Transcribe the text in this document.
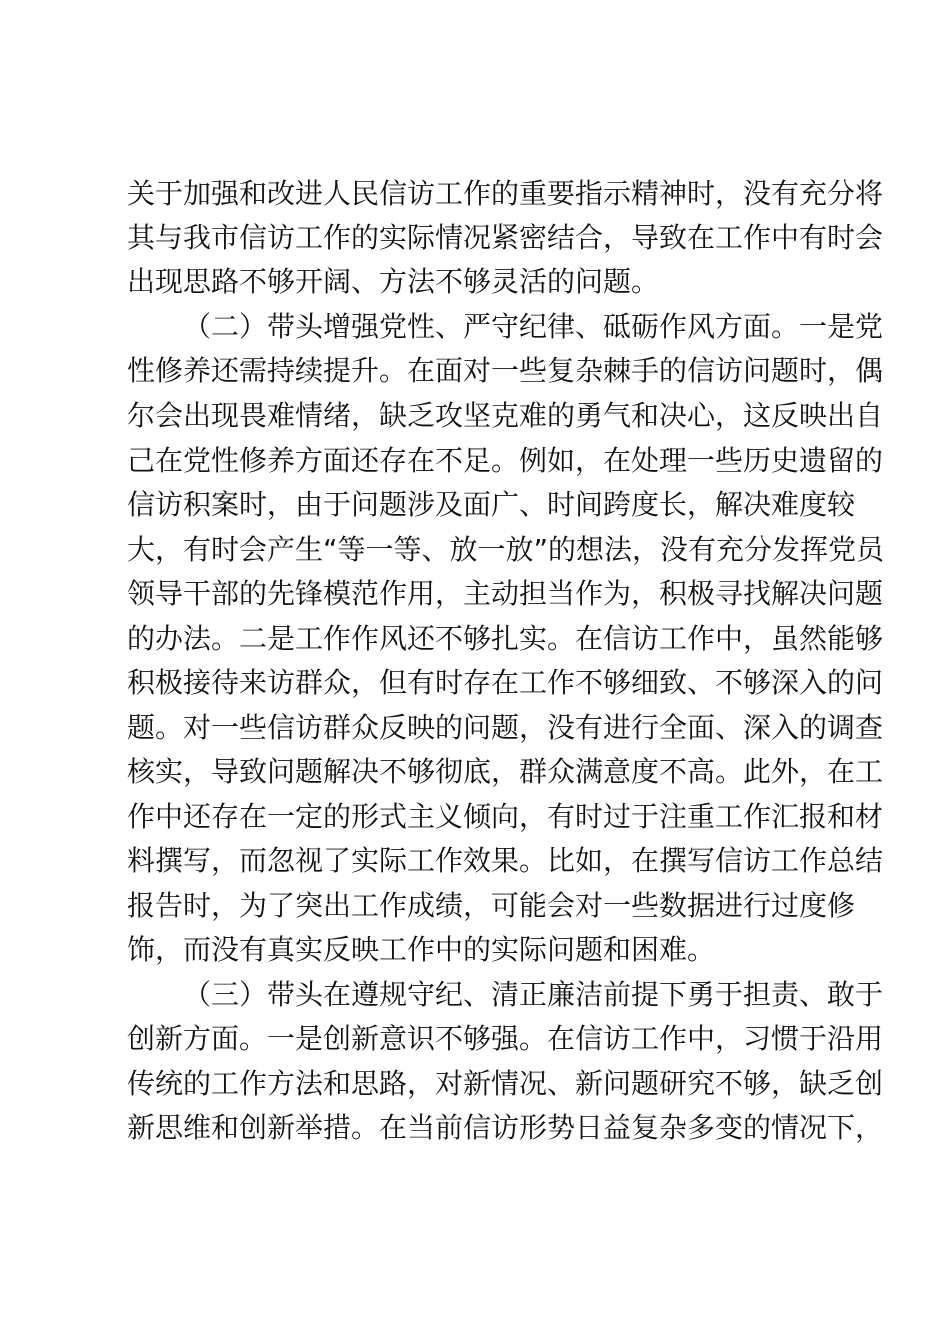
关于加强和改进人民信访工作的重要指示精神时，没有充分将
其与我市信访工作的实际情况紧密结合，导致在工作中有时会
出现思路不够开阔、方法不够灵活的问题。
（二）带头增强党性、严守纪律、砥砺作风方面。一是党
性修养还需持续提升。在面对一些复杂棘手的信访问题时，偶
尔会出现畏难情绪，缺乏攻坚克难的勇气和决心，这反映出自
己在党性修养方面还存在不足。例如，在处理一些历史遗留的
信访积案时，由于问题涉及面广、时间跨度长，解决难度较
大，有时会产生“等一等、放一放”的想法，没有充分发挥党员
领导干部的先锋模范作用，主动担当作为，积极寻找解决问题
的办法。二是工作作风还不够扎实。在信访工作中，虽然能够
积极接待来访群众，但有时存在工作不够细致、不够深入的问
题。对一些信访群众反映的问题，没有进行全面、深入的调查
核实，导致问题解决不够彻底，群众满意度不高。此外，在工
作中还存在一定的形式主义倾向，有时过于注重工作汇报和材
料撰写，而忽视了实际工作效果。比如，在撰写信访工作总结
报告时，为了突出工作成绩，可能会对一些数据进行过度修
饰，而没有真实反映工作中的实际问题和困难。
（三）带头在遵规守纪、清正廉洁前提下勇于担责、敢于
创新方面。一是创新意识不够强。在信访工作中，习惯于沿用
传统的工作方法和思路，对新情况、新问题研究不够，缺乏创
新思维和创新举措。在当前信访形势日益复杂多变的情况下，
